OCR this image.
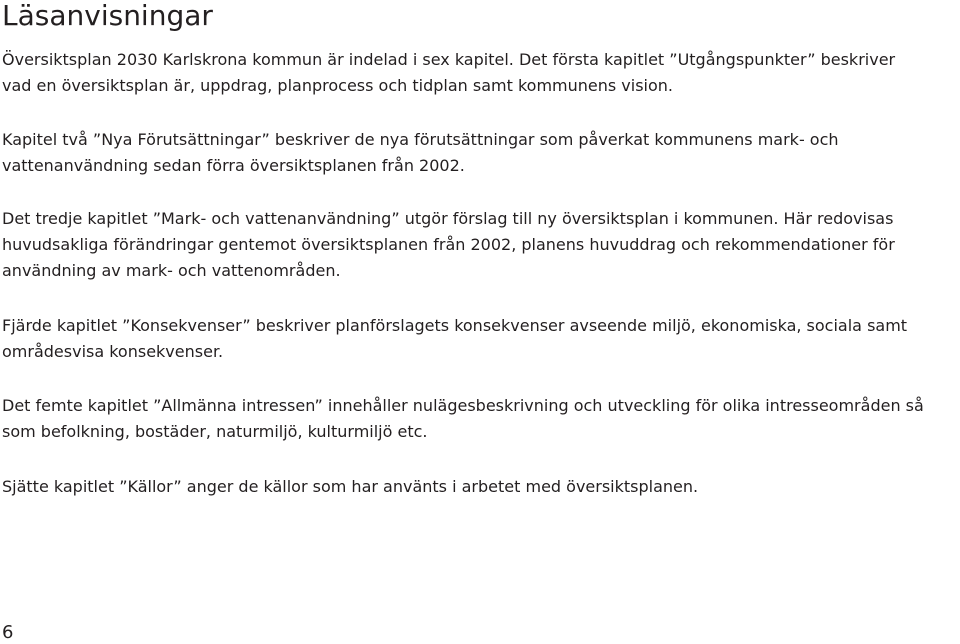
Läsanvisningar

Översiktsplan 2030 Karlskrona kommun är indelad i sex kapitel. Det första kapitlet ”Utgångspunkter” beskriver
vad en översiktsplan är, uppdrag, planprocess och tidplan samt kommunens vision.

Kapitel två ”Nya Förutsättningar” beskriver de nya förutsättningar som påverkat kommunens mark- och
vattenanvändning sedan förra översiktsplanen från 2002.

Det tredje kapitlet ”Mark- och vattenanvändning” utgör förslag till ny översiktsplan i kommunen. Här redovisas
huvudsakliga förändringar gentemot översiktsplanen från 2002, planens huvuddrag och rekommendationer för
användning av mark- och vattenområden.

Fjärde kapitlet ”Konsekvenser” beskriver planförslagets konsekvenser avseende miljö, ekonomiska, sociala samt
områdesvisa konsekvenser.

Det femte kapitlet ”Allmänna intressen” innehåller nulägesbeskrivning och utveckling för olika intresseområden så
som befolkning, bostäder, naturmiljö, kulturmiljö etc.

Sjätte kapitlet ”Källor” anger de källor som har använts i arbetet med översiktsplanen.

6
